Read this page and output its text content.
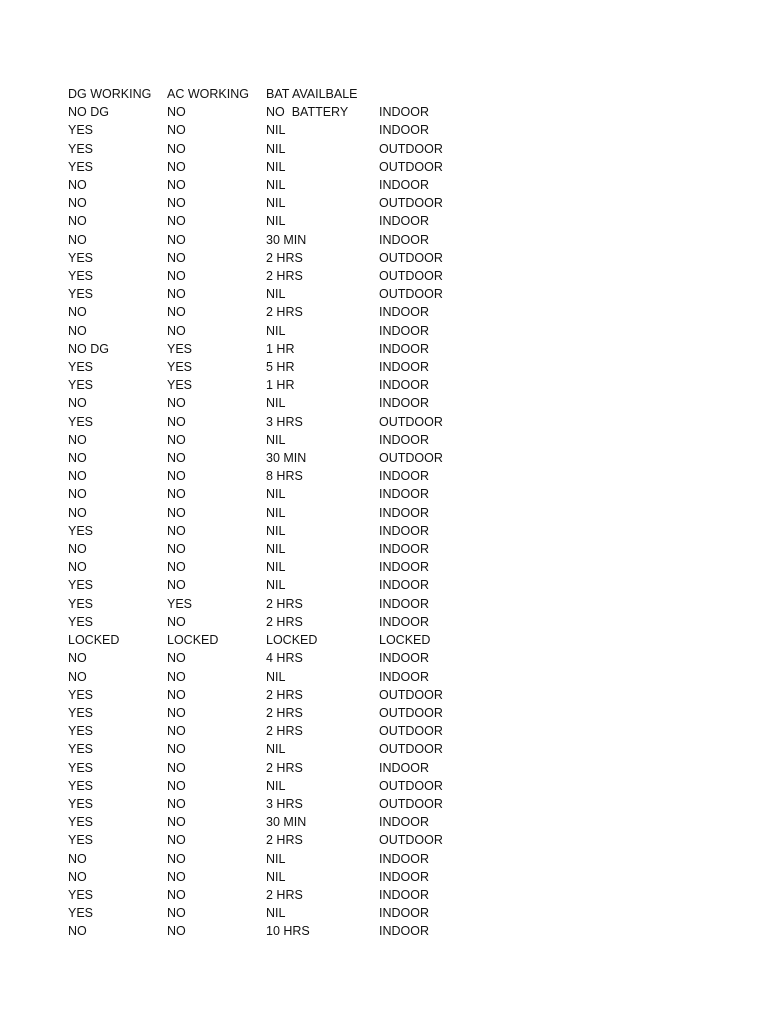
DG WORKING	AC WORKING	BAT AVAILBALE	
NO DG	NO	NO  BATTERY	INDOOR
YES	NO	NIL	INDOOR
YES	NO	NIL	OUTDOOR
YES	NO	NIL	OUTDOOR
NO	NO	NIL	INDOOR
NO	NO	NIL	OUTDOOR
NO	NO	NIL	INDOOR
NO	NO	30 MIN	INDOOR
YES	NO	2 HRS	OUTDOOR
YES	NO	2 HRS	OUTDOOR
YES	NO	NIL	OUTDOOR
NO	NO	2 HRS	INDOOR
NO	NO	NIL	INDOOR
NO DG	YES	1 HR	INDOOR
YES	YES	5 HR	INDOOR
YES	YES	1 HR	INDOOR
NO	NO	NIL	INDOOR
YES	NO	3 HRS	OUTDOOR
NO	NO	NIL	INDOOR
NO	NO	30 MIN	OUTDOOR
NO	NO	8 HRS	INDOOR
NO	NO	NIL	INDOOR
NO	NO	NIL	INDOOR
YES	NO	NIL	INDOOR
NO	NO	NIL	INDOOR
NO	NO	NIL	INDOOR
YES	NO	NIL	INDOOR
YES	YES	2 HRS	INDOOR
YES	NO	2 HRS	INDOOR
LOCKED	LOCKED	LOCKED	LOCKED
NO	NO	4 HRS	INDOOR
NO	NO	NIL	INDOOR
YES	NO	2 HRS	OUTDOOR
YES	NO	2 HRS	OUTDOOR
YES	NO	2 HRS	OUTDOOR
YES	NO	NIL	OUTDOOR
YES	NO	2 HRS	INDOOR
YES	NO	NIL	OUTDOOR
YES	NO	3 HRS	OUTDOOR
YES	NO	30 MIN	INDOOR
YES	NO	2 HRS	OUTDOOR
NO	NO	NIL	INDOOR
NO	NO	NIL	INDOOR
YES	NO	2 HRS	INDOOR
YES	NO	NIL	INDOOR
NO	NO	10 HRS	INDOOR
